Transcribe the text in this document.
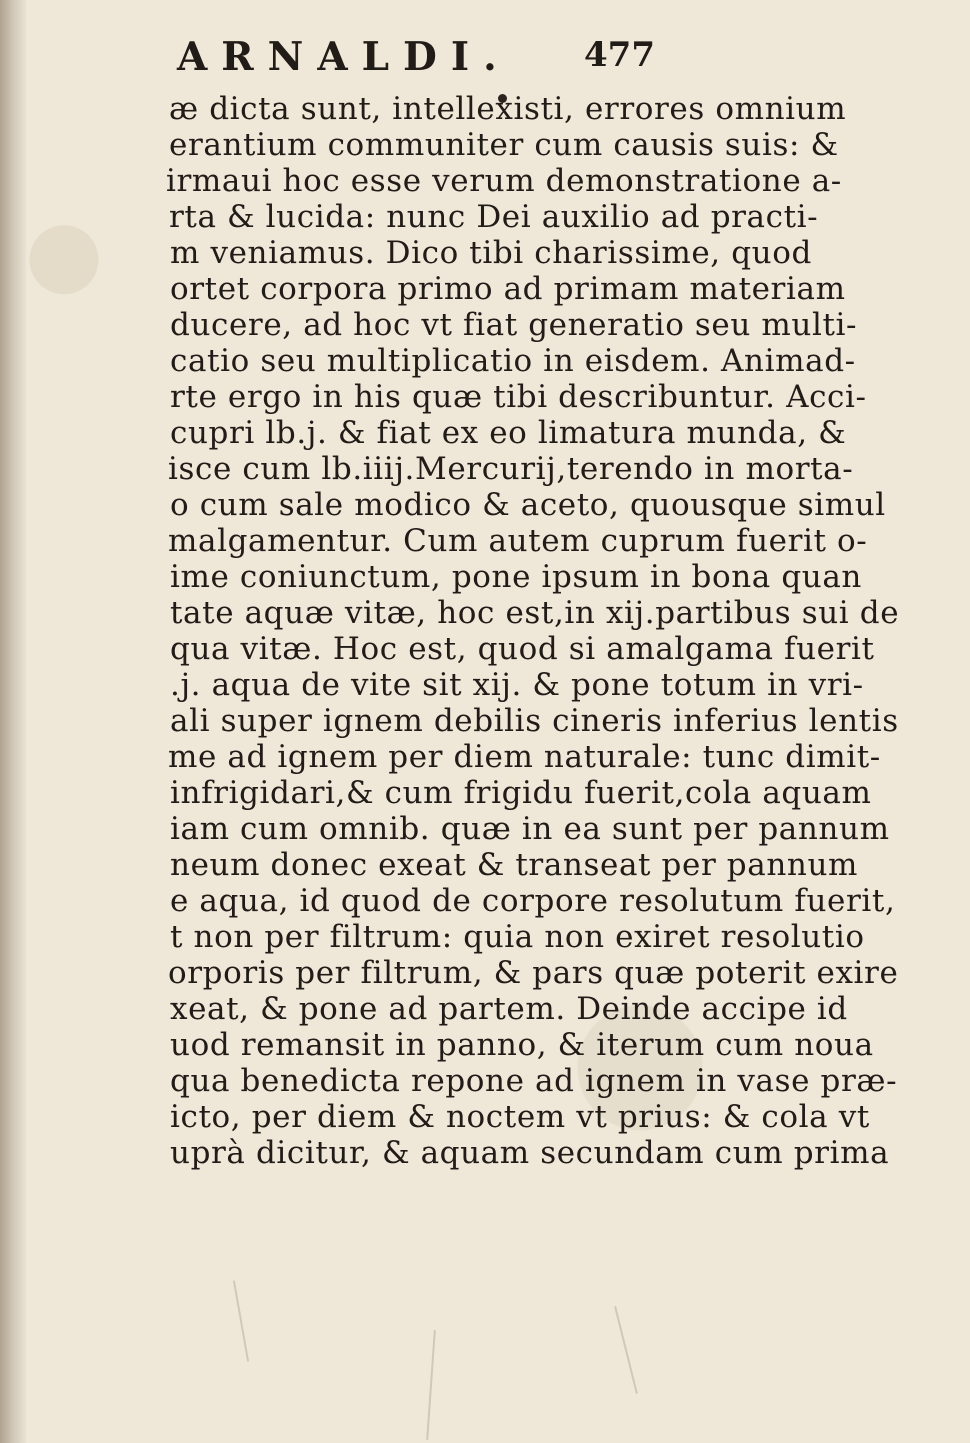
ARNALDI. 477
æ dicta sunt, intellexisti, errores omnium
erantium communiter cum causis suis: &
irmaui hoc esse verum demonstratione a-
rta & lucida: nunc Dei auxilio ad practi-
m veniamus. Dico tibi charissime, quod
ortet corpora primo ad primam materiam
ducere, ad hoc vt fiat generatio seu multi-
catio seu multiplicatio in eisdem. Animad-
rte ergo in his quæ tibi describuntur. Acci-
cupri lb.j. & fiat ex eo limatura munda, &
isce cum lb.iiij.Mercurij,terendo in morta-
o cum sale modico & aceto, quousque simul
malgamentur. Cum autem cuprum fuerit o-
ime coniunctum, pone ipsum in bona quan
tate aquæ vitæ, hoc est,in xij.partibus sui de
qua vitæ. Hoc est, quod si amalgama fuerit
.j. aqua de vite sit xij. & pone totum in vri-
ali super ignem debilis cineris inferius lentis
me ad ignem per diem naturale: tunc dimit-
infrigidari,& cum frigidu fuerit,cola aquam
iam cum omnib. quæ in ea sunt per pannum
neum donec exeat & transeat per pannum
e aqua, id quod de corpore resolutum fuerit,
t non per filtrum: quia non exiret resolutio
orporis per filtrum, & pars quæ poterit exire
xeat, & pone ad partem. Deinde accipe id
uod remansit in panno, & iterum cum noua
qua benedicta repone ad ignem in vase præ-
icto, per diem & noctem vt prius: & cola vt
uprà dicitur, & aquam secundam cum prima
